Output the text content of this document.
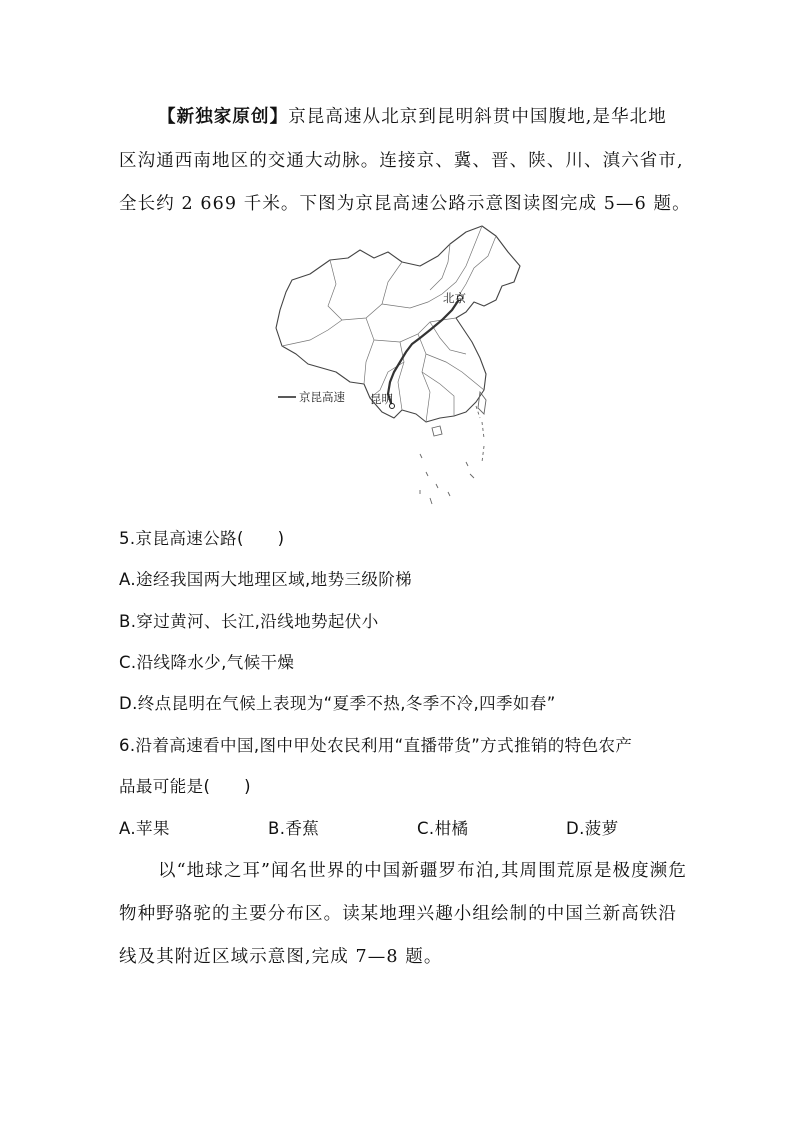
【新独家原创】京昆高速从北京到昆明斜贯中国腹地,是华北地
区沟通西南地区的交通大动脉。连接京、冀、晋、陕、川、滇六省市,
全长约 2 669 千米。下图为京昆高速公路示意图读图完成 5—6 题。
京昆高速
北京
昆明
5.京昆高速公路(　　)
A.途经我国两大地理区域,地势三级阶梯
B.穿过黄河、长江,沿线地势起伏小
C.沿线降水少,气候干燥
D.终点昆明在气候上表现为“夏季不热,冬季不冷,四季如春”
6.沿着高速看中国,图中甲处农民利用“直播带货”方式推销的特色农产
品最可能是(　　)
A.苹果	B.香蕉	C.柑橘	D.菠萝
以“地球之耳”闻名世界的中国新疆罗布泊,其周围荒原是极度濒危
物种野骆驼的主要分布区。读某地理兴趣小组绘制的中国兰新高铁沿
线及其附近区域示意图,完成 7—8 题。
